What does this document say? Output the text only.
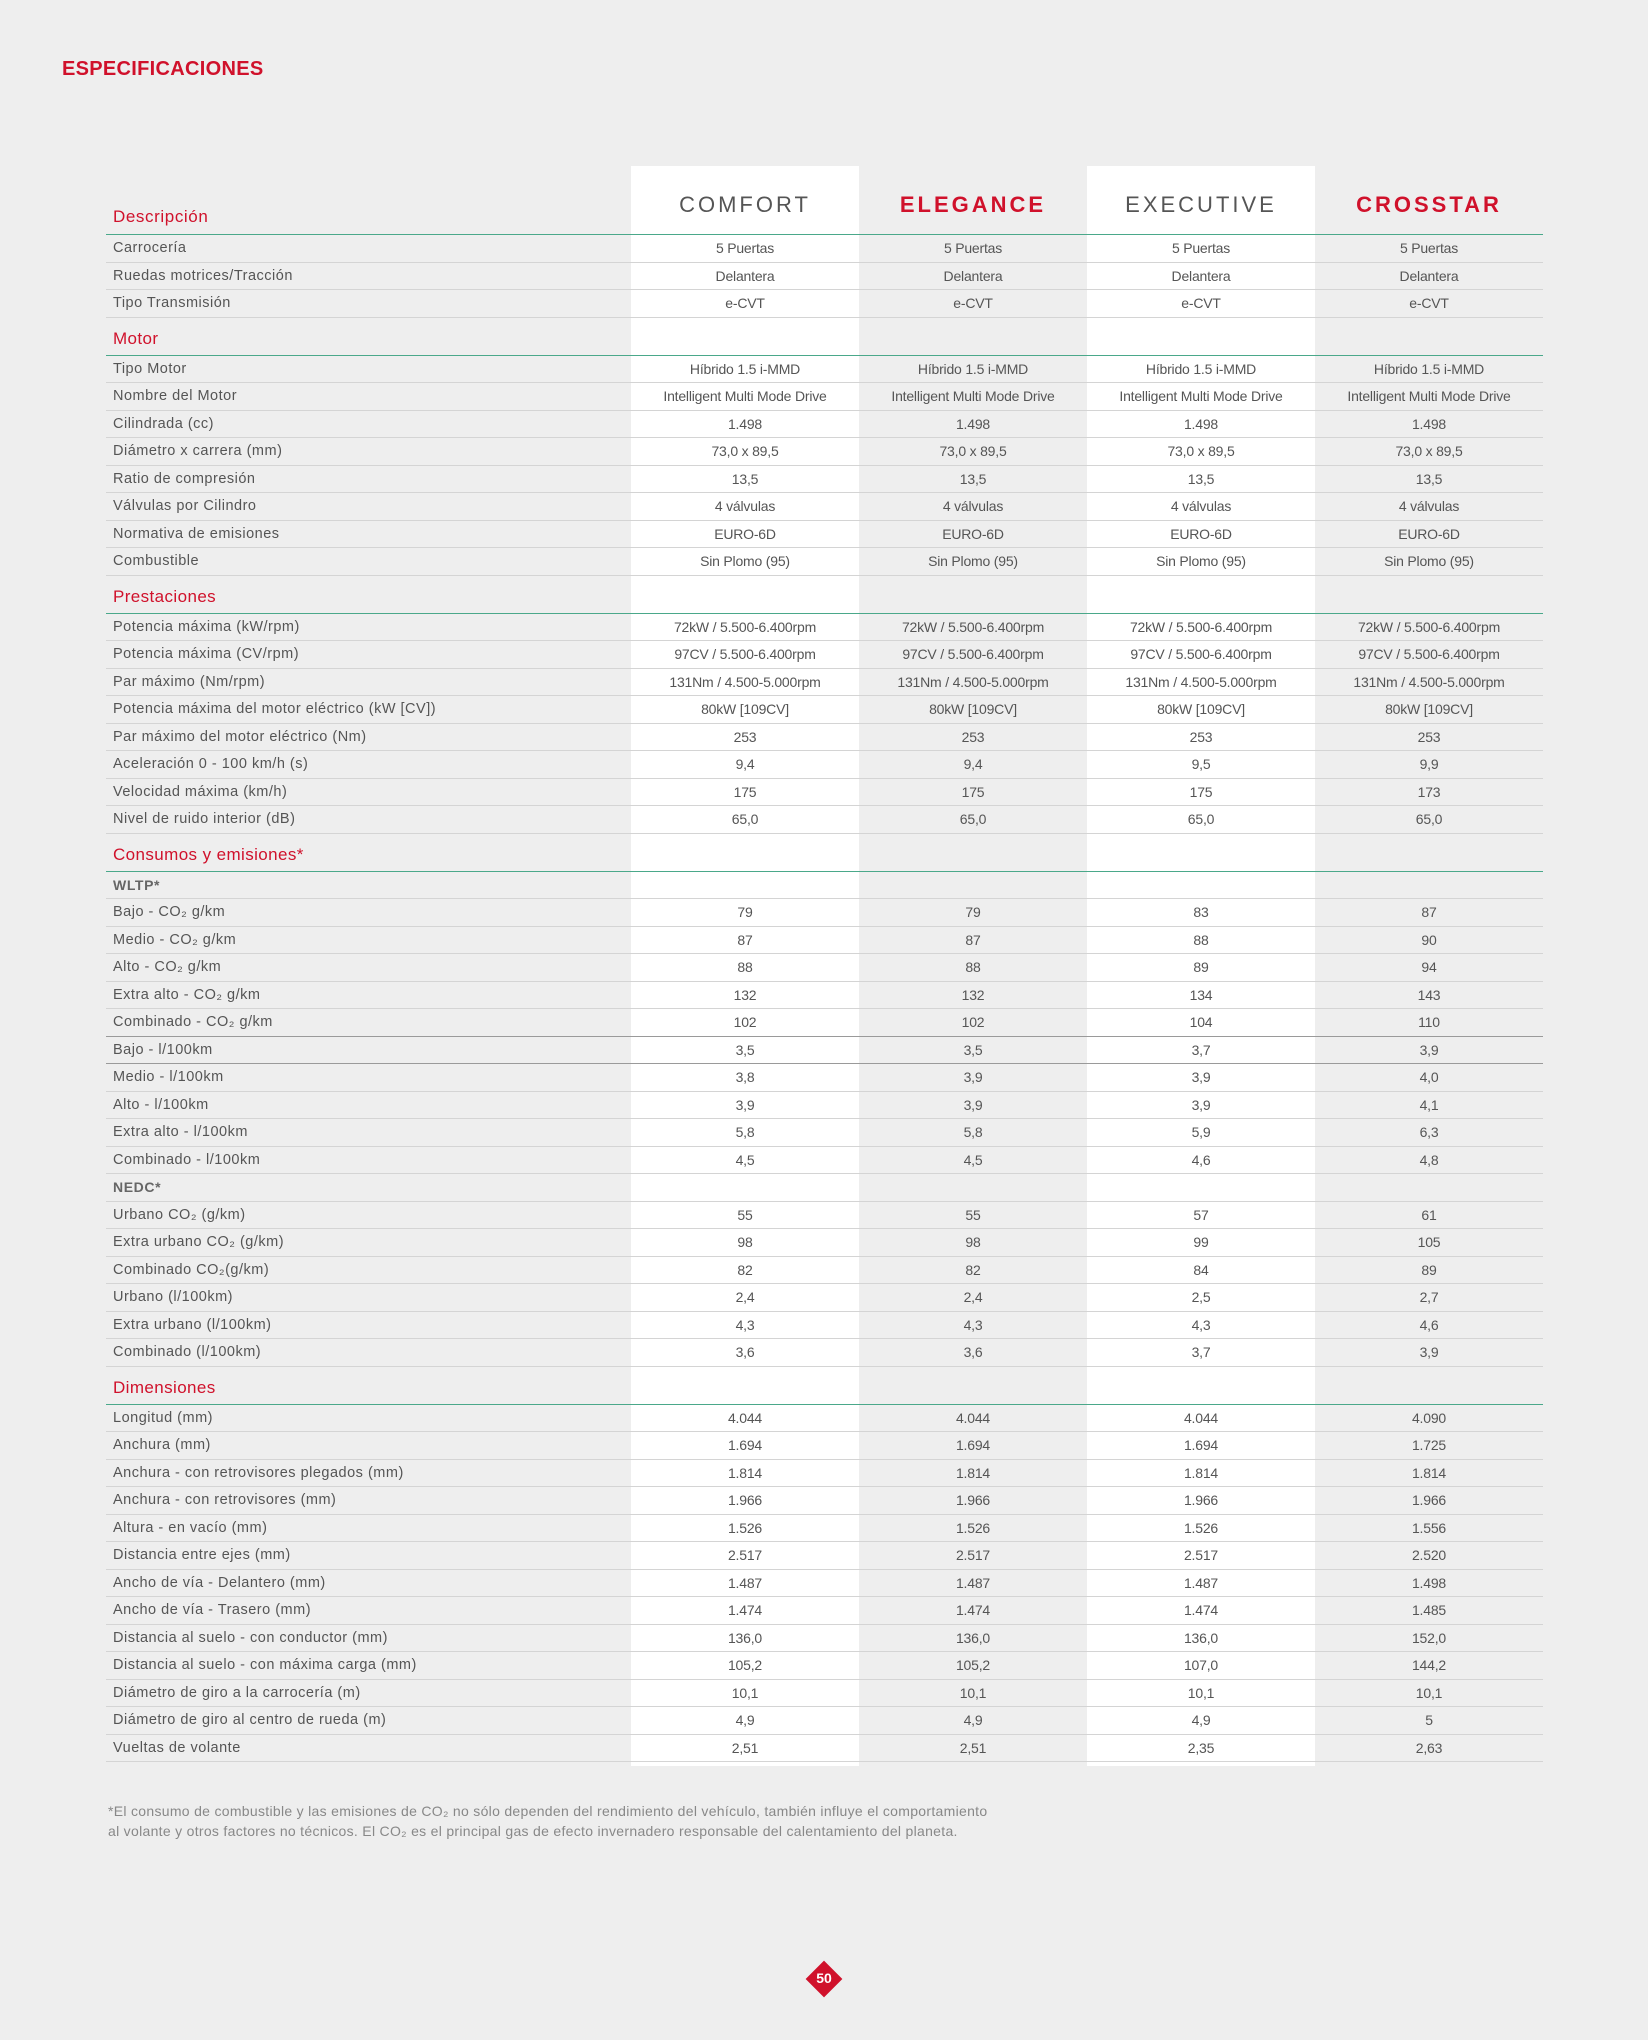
ESPECIFICACIONES
Descripción	COMFORT	ELEGANCE	EXECUTIVE	CROSSTAR
Carrocería	5 Puertas	5 Puertas	5 Puertas	5 Puertas
Ruedas motrices/Tracción	Delantera	Delantera	Delantera	Delantera
Tipo Transmisión	e-CVT	e-CVT	e-CVT	e-CVT
Motor
Tipo Motor	Híbrido 1.5 i-MMD	Híbrido 1.5 i-MMD	Híbrido 1.5 i-MMD	Híbrido 1.5 i-MMD
Nombre del Motor	Intelligent Multi Mode Drive	Intelligent Multi Mode Drive	Intelligent Multi Mode Drive	Intelligent Multi Mode Drive
Cilindrada (cc)	1.498	1.498	1.498	1.498
Diámetro x carrera (mm)	73,0 x 89,5	73,0 x 89,5	73,0 x 89,5	73,0 x 89,5
Ratio de compresión	13,5	13,5	13,5	13,5
Válvulas por Cilindro	4 válvulas	4 válvulas	4 válvulas	4 válvulas
Normativa de emisiones	EURO-6D	EURO-6D	EURO-6D	EURO-6D
Combustible	Sin Plomo (95)	Sin Plomo (95)	Sin Plomo (95)	Sin Plomo (95)
Prestaciones
Potencia máxima (kW/rpm)	72kW / 5.500-6.400rpm	72kW / 5.500-6.400rpm	72kW / 5.500-6.400rpm	72kW / 5.500-6.400rpm
Potencia máxima (CV/rpm)	97CV / 5.500-6.400rpm	97CV / 5.500-6.400rpm	97CV / 5.500-6.400rpm	97CV / 5.500-6.400rpm
Par máximo (Nm/rpm)	131Nm / 4.500-5.000rpm	131Nm / 4.500-5.000rpm	131Nm / 4.500-5.000rpm	131Nm / 4.500-5.000rpm
Potencia máxima del motor eléctrico (kW [CV])	80kW [109CV]	80kW [109CV]	80kW [109CV]	80kW [109CV]
Par máximo del motor eléctrico (Nm)	253	253	253	253
Aceleración 0 - 100 km/h (s)	9,4	9,4	9,5	9,9
Velocidad máxima (km/h)	175	175	175	173
Nivel de ruido interior (dB)	65,0	65,0	65,0	65,0
Consumos y emisiones*
WLTP*
Bajo - CO₂ g/km	79	79	83	87
Medio - CO₂ g/km	87	87	88	90
Alto - CO₂ g/km	88	88	89	94
Extra alto - CO₂ g/km	132	132	134	143
Combinado - CO₂ g/km	102	102	104	110
Bajo - l/100km	3,5	3,5	3,7	3,9
Medio - l/100km	3,8	3,9	3,9	4,0
Alto - l/100km	3,9	3,9	3,9	4,1
Extra alto - l/100km	5,8	5,8	5,9	6,3
Combinado - l/100km	4,5	4,5	4,6	4,8
NEDC*
Urbano CO₂ (g/km)	55	55	57	61
Extra urbano CO₂ (g/km)	98	98	99	105
Combinado CO₂(g/km)	82	82	84	89
Urbano (l/100km)	2,4	2,4	2,5	2,7
Extra urbano (l/100km)	4,3	4,3	4,3	4,6
Combinado (l/100km)	3,6	3,6	3,7	3,9
Dimensiones
Longitud (mm)	4.044	4.044	4.044	4.090
Anchura (mm)	1.694	1.694	1.694	1.725
Anchura - con retrovisores plegados (mm)	1.814	1.814	1.814	1.814
Anchura - con retrovisores (mm)	1.966	1.966	1.966	1.966
Altura - en vacío (mm)	1.526	1.526	1.526	1.556
Distancia entre ejes (mm)	2.517	2.517	2.517	2.520
Ancho de vía - Delantero (mm)	1.487	1.487	1.487	1.498
Ancho de vía - Trasero (mm)	1.474	1.474	1.474	1.485
Distancia al suelo - con conductor (mm)	136,0	136,0	136,0	152,0
Distancia al suelo - con máxima carga (mm)	105,2	105,2	107,0	144,2
Diámetro de giro a la carrocería (m)	10,1	10,1	10,1	10,1
Diámetro de giro al centro de rueda (m)	4,9	4,9	4,9	5
Vueltas de volante	2,51	2,51	2,35	2,63

*El consumo de combustible y las emisiones de CO₂ no sólo dependen del rendimiento del vehículo, también influye el comportamiento

al volante y otros factores no técnicos. El CO₂ es el principal gas de efecto invernadero responsable del calentamiento del planeta.

50
